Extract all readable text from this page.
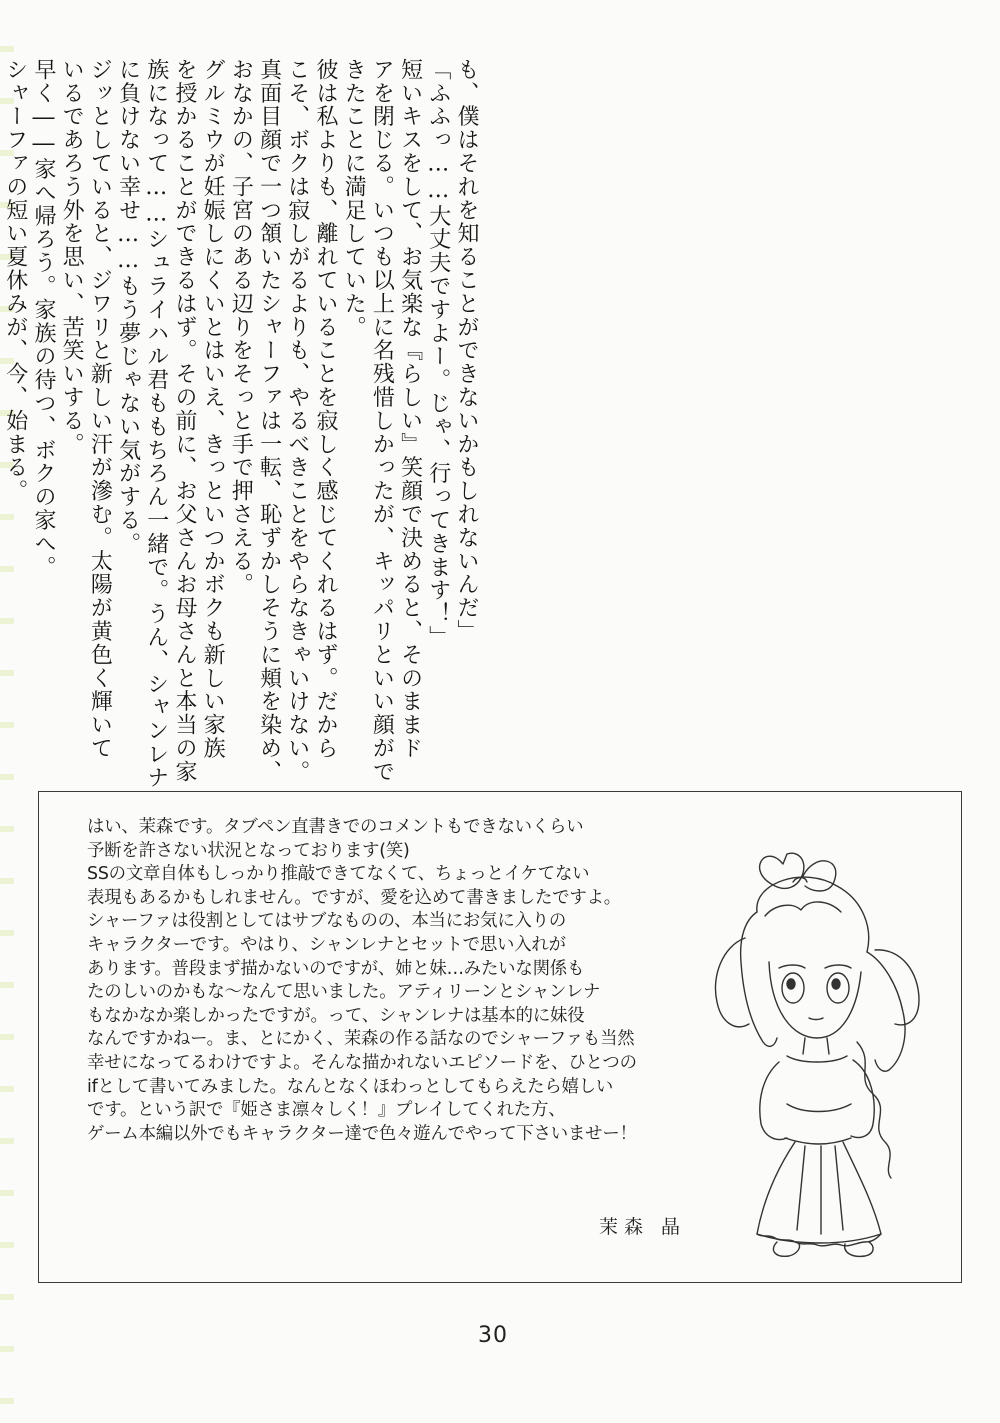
も、僕はそれを知ることができないかもしれないんだ」

「ふふっ……大丈夫ですよー。じゃ、行ってきます！」

短いキスをして、お気楽な『らしい』笑顔で決めると、そのままド

アを閉じる。いつも以上に名残惜しかったが、キッパリといい顔がで

きたことに満足していた。

彼は私よりも、離れていることを寂しく感じてくれるはず。だから

こそ、ボクは寂しがるよりも、やるべきことをやらなきゃいけない。

真面目顔で一つ頷いたシャーファは一転、恥ずかしそうに頬を染め、

おなかの、子宮のある辺りをそっと手で押さえる。

グルミウが妊娠しにくいとはいえ、きっといつかボクも新しい家族

を授かることができるはず。その前に、お父さんお母さんと本当の家

族になって……シュライハル君ももちろん一緒で。うん、シャンレナ

に負けない幸せ……もう夢じゃない気がする。

ジッとしていると、ジワリと新しい汗が滲む。太陽が黄色く輝いて

いるであろう外を思い、苦笑いする。

早く――家へ帰ろう。家族の待つ、ボクの家へ。

シャーファの短い夏休みが、今、始まる。

はい、茉森です。タブペン直書きでのコメントもできないくらい

予断を許さない状況となっております(笑)

SSの文章自体もしっかり推敲できてなくて、ちょっとイケてない

表現もあるかもしれません。ですが、愛を込めて書きましたですよ。

シャーファは役割としてはサブなものの、本当にお気に入りの

キャラクターです。やはり、シャンレナとセットで思い入れが

あります。普段まず描かないのですが、姉と妹…みたいな関係も

たのしいのかもな～なんて思いました。アティリーンとシャンレナ

もなかなか楽しかったですが。って、シャンレナは基本的に妹役

なんですかねー。ま、とにかく、茉森の作る話なのでシャーファも当然

幸せになってるわけですよ。そんな描かれないエピソードを、ひとつの

ifとして書いてみました。なんとなくほわっとしてもらえたら嬉しい

です。という訳で『姫さま凛々しく！』プレイしてくれた方、

ゲーム本編以外でもキャラクター達で色々遊んでやって下さいませー！

茉森 晶
30
